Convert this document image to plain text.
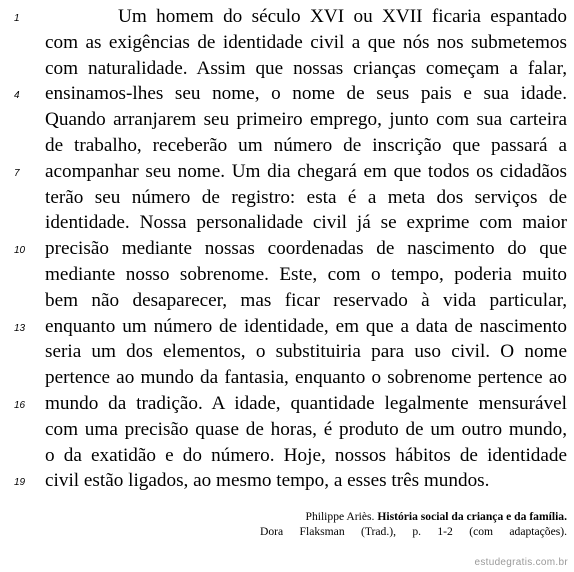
1	Um homem do século XVI ou XVII ficaria espantado
com as exigências de identidade civil a que nós nos submetemos
com naturalidade. Assim que nossas crianças começam a falar,
4	ensinamos-lhes seu nome, o nome de seus pais e sua idade.
Quando arranjarem seu primeiro emprego, junto com sua carteira
de trabalho, receberão um número de inscrição que passará a
7	acompanhar seu nome. Um dia chegará em que todos os cidadãos
terão seu número de registro: esta é a meta dos serviços de
identidade. Nossa personalidade civil já se exprime com maior
10	precisão mediante nossas coordenadas de nascimento do que
mediante nosso sobrenome. Este, com o tempo, poderia muito
bem não desaparecer, mas ficar reservado à vida particular,
13	enquanto um número de identidade, em que a data de nascimento
seria um dos elementos, o substituiria para uso civil. O nome
pertence ao mundo da fantasia, enquanto o sobrenome pertence ao
16	mundo da tradição. A idade, quantidade legalmente mensurável
com uma precisão quase de horas, é produto de um outro mundo,
o da exatidão e do número. Hoje, nossos hábitos de identidade
19	civil estão ligados, ao mesmo tempo, a esses três mundos.
Philippe Ariès. História social da criança e da família.
Dora Flaksman (Trad.), p. 1-2 (com adaptações).
estudegratis.com.br
